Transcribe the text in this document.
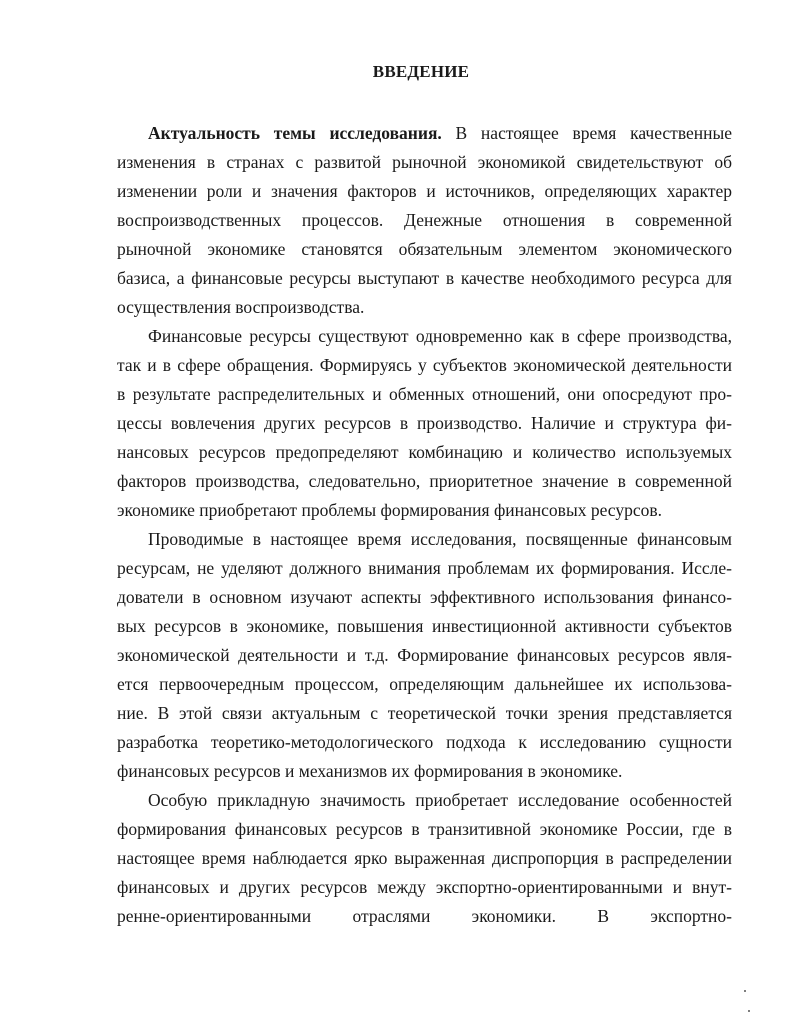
ВВЕДЕНИЕ
Актуальность темы исследования. В настоящее время качественные
изменения в странах с развитой рыночной экономикой свидетельствуют об
изменении роли и значения факторов и источников, определяющих характер
воспроизводственных процессов. Денежные отношения в современной
рыночной экономике становятся обязательным элементом экономического
базиса, а финансовые ресурсы выступают в качестве необходимого ресурса для
осуществления воспроизводства.
Финансовые ресурсы существуют одновременно как в сфере производства,
так и в сфере обращения. Формируясь у субъектов экономической деятельности
в результате распределительных и обменных отношений, они опосредуют про-
цессы вовлечения других ресурсов в производство. Наличие и структура фи-
нансовых ресурсов предопределяют комбинацию и количество используемых
факторов производства, следовательно, приоритетное значение в современной
экономике приобретают проблемы формирования финансовых ресурсов.
Проводимые в настоящее время исследования, посвященные финансовым
ресурсам, не уделяют должного внимания проблемам их формирования. Иссле-
дователи в основном изучают аспекты эффективного использования финансо-
вых ресурсов в экономике, повышения инвестиционной активности субъектов
экономической деятельности и т.д. Формирование финансовых ресурсов явля-
ется первоочередным процессом, определяющим дальнейшее их использова-
ние. В этой связи актуальным с теоретической точки зрения представляется
разработка теоретико-методологического подхода к исследованию сущности
финансовых ресурсов и механизмов их формирования в экономике.
Особую прикладную значимость приобретает исследование особенностей
формирования финансовых ресурсов в транзитивной экономике России, где в
настоящее время наблюдается ярко выраженная диспропорция в распределении
финансовых и других ресурсов между экспортно-ориентированными и внут-
ренне-ориентированными отраслями экономики. В экспортно-
